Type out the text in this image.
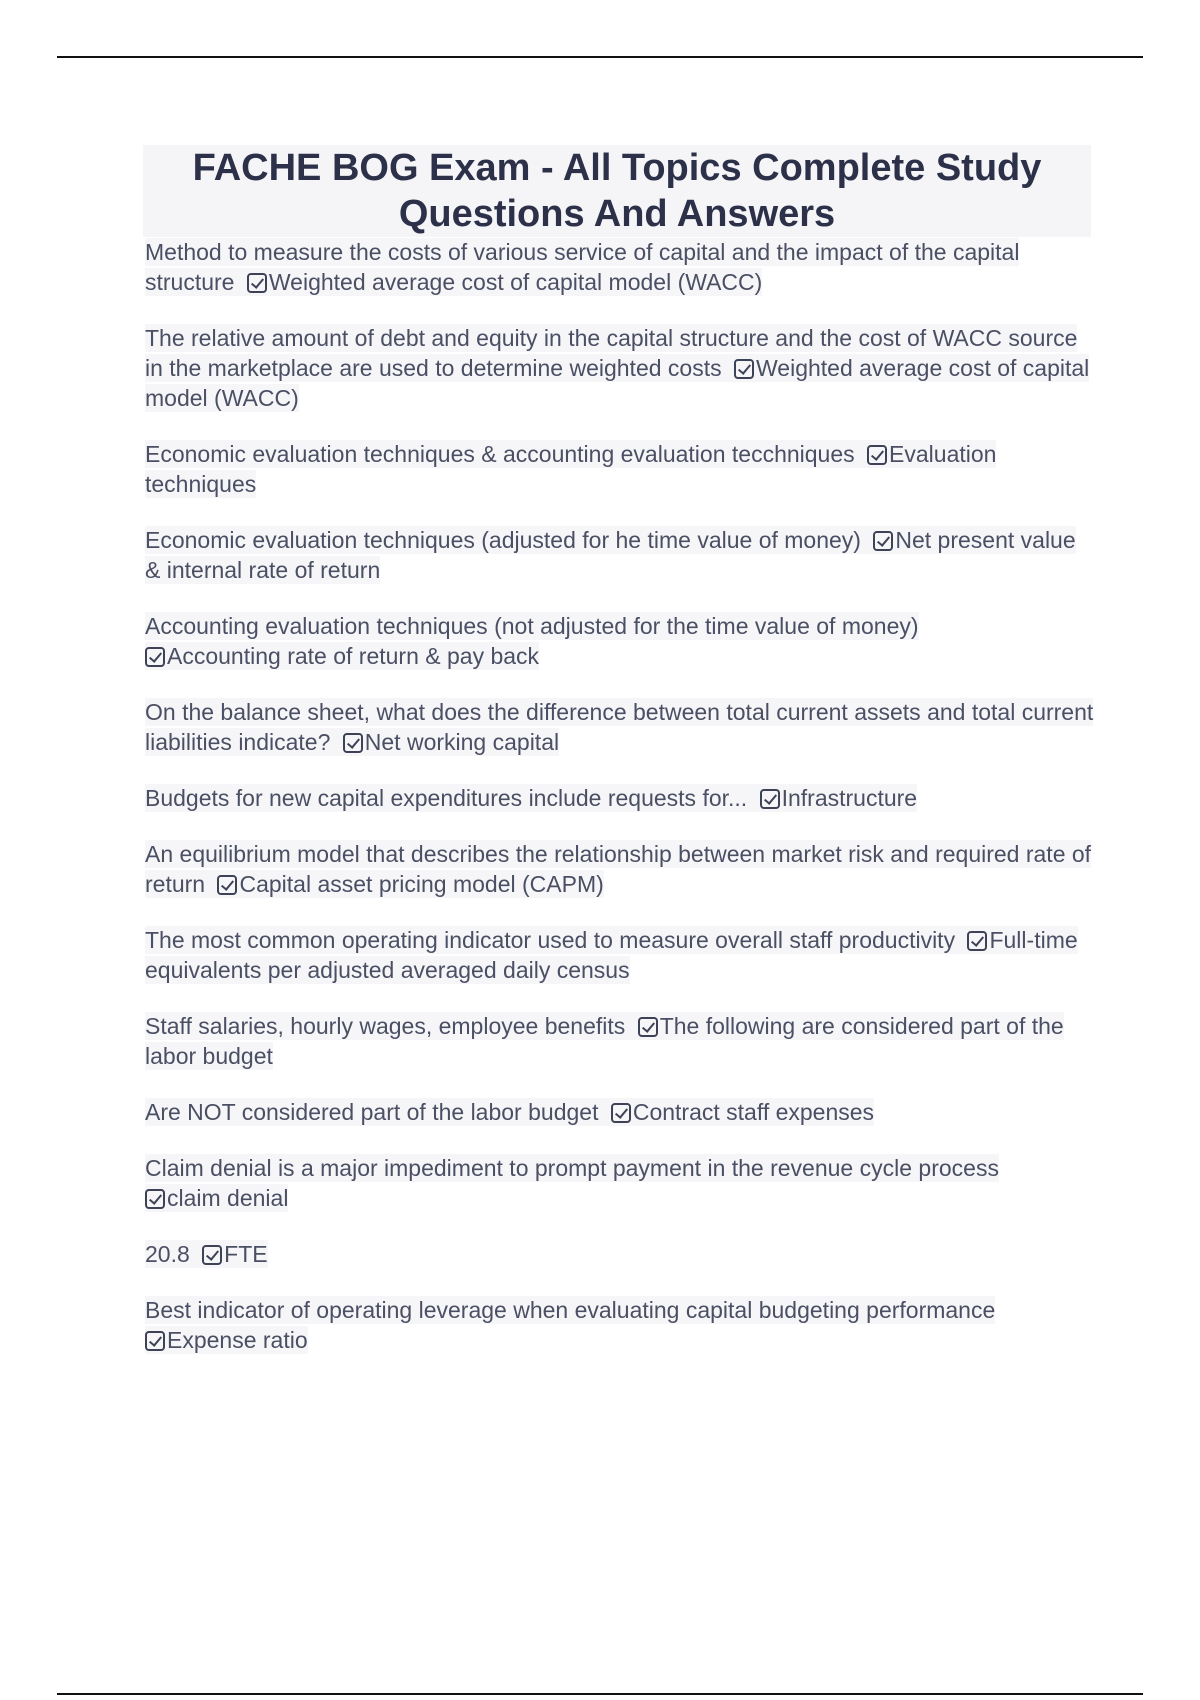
FACHE BOG Exam - All Topics Complete Study
Questions And Answers

Method to measure the costs of various service of capital and the impact of the capital structure Weighted average cost of capital model (WACC)

The relative amount of debt and equity in the capital structure and the cost of WACC source in the marketplace are used to determine weighted costs Weighted average cost of capital model (WACC)

Economic evaluation techniques & accounting evaluation tecchniques Evaluation techniques

Economic evaluation techniques (adjusted for he time value of money) Net present value & internal rate of return

Accounting evaluation techniques (not adjusted for the time value of money)
Accounting rate of return & pay back

On the balance sheet, what does the difference between total current assets and total current liabilities indicate? Net working capital

Budgets for new capital expenditures include requests for... Infrastructure

An equilibrium model that describes the relationship between market risk and required rate of return Capital asset pricing model (CAPM)

The most common operating indicator used to measure overall staff productivity Full-time equivalents per adjusted averaged daily census

Staff salaries, hourly wages, employee benefits The following are considered part of the labor budget

Are NOT considered part of the labor budget Contract staff expenses

Claim denial is a major impediment to prompt payment in the revenue cycle process
claim denial

20.8 FTE

Best indicator of operating leverage when evaluating capital budgeting performance
Expense ratio
